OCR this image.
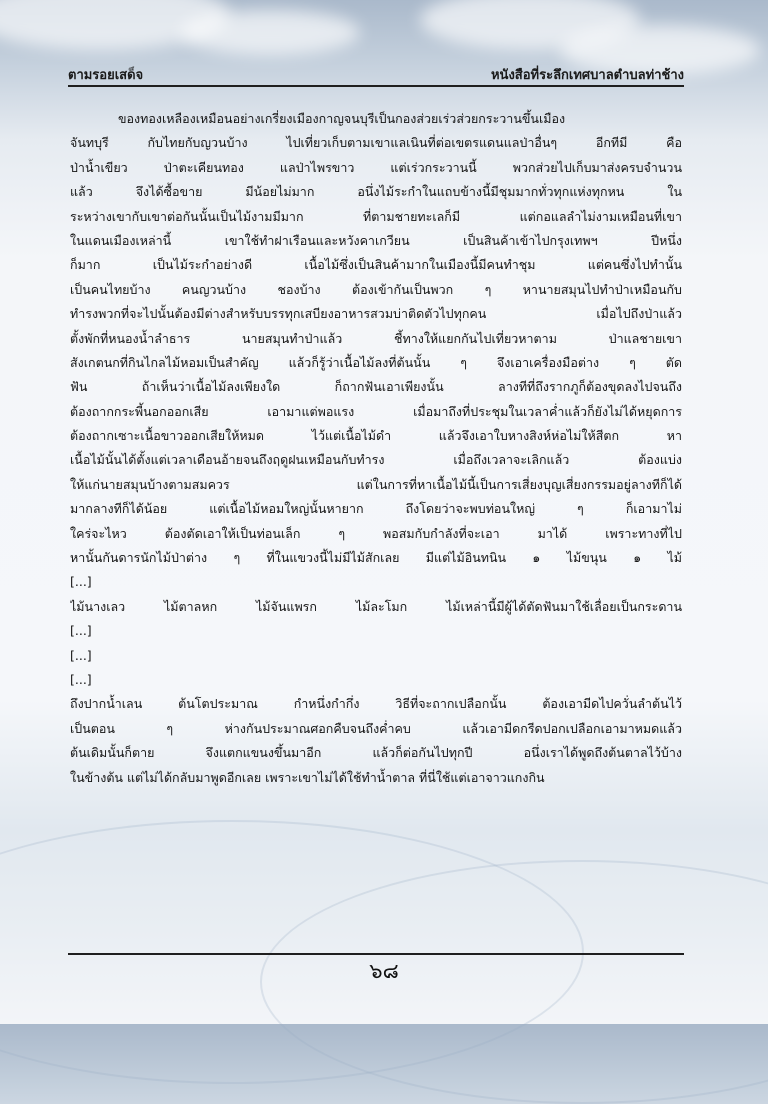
ตามรอยเสด็จ	หนังสือที่ระลึกเทศบาลตำบลท่าช้าง
ของทองเหลืองเหมือนอย่างเกรี่ยงเมืองกาญจนบุรีเป็นกองส่วยเร่วส่วยกระวานขึ้นเมือง
จันทบุรี กับไทยกับญวนบ้าง ไปเที่ยวเก็บตามเขาแลเนินที่ต่อเขตรแดนแลป่าอื่นๆ อีกทีมี คือ
ป่าน้ำเขียว ป่าตะเคียนทอง แลป่าไพรขาว แต่เร่วกระวานนี้ พวกส่วยไปเก็บมาส่งครบจำนวน
แล้ว จึงได้ซื้อขาย มีน้อยไม่มาก อนึ่งไม้ระกำในแถบข้างนี้มีชุมมากทั่วทุกแห่งทุกหน ใน
ระหว่างเขากับเขาต่อกันนั้นเป็นไม้งามมีมาก ที่ตามชายทะเลก็มี แต่กอแลลำไม่งามเหมือนที่เขา
ในแดนเมืองเหล่านี้ เขาใช้ทำฝาเรือนและหวังคาเกวียน เป็นสินค้าเข้าไปกรุงเทพฯ ปีหนึ่ง
ก็มาก เป็นไม้ระกำอย่างดี เนื้อไม้ซึ่งเป็นสินค้ามากในเมืองนี้มีคนทำชุม แต่คนซึ่งไปทำนั้น
เป็นคนไทยบ้าง คนญวนบ้าง ชองบ้าง ต้องเข้ากันเป็นพวก ๆ หานายสมุนไปทำป่าเหมือนกับ
ทำรงพวกที่จะไปนั้นต้องมีต่างสำหรับบรรทุกเสบียงอาหารสวมบ่าติดตัวไปทุกคน เมื่อไปถึงป่าแล้ว
ตั้งพักที่หนองน้ำลำธาร นายสมุนทำป่าแล้ว ชี้ทางให้แยกกันไปเที่ยวหาตาม ป่าแลชายเขา
สังเกตนกที่กินไกลไม้หอมเป็นสำคัญ แล้วก็รู้ว่าเนื้อไม้ลงที่ต้นนั้น ๆ จึงเอาเครื่องมือต่าง ๆ ตัด
ฟัน ถ้าเห็นว่าเนื้อไม้ลงเพียงใด ก็ถากฟันเอาเพียงนั้น ลางทีที่ถึงรากภูก็ต้องขุดลงไปจนถึง
ต้องถากกระพี้นอกออกเสีย เอามาแต่พอแรง เมื่อมาถึงที่ประชุมในเวลาค่ำแล้วก็ยังไม่ได้หยุดการ
ต้องถากเซาะเนื้อขาวออกเสียให้หมด ไว้แต่เนื้อไม้ดำ แล้วจึงเอาใบหางสิงห์ห่อไม่ให้สีตก หา
เนื้อไม้นั้นได้ตั้งแต่เวลาเดือนอ้ายจนถึงฤดูฝนเหมือนกับทำรง เมื่อถึงเวลาจะเลิกแล้ว ต้องแบ่ง
ให้แก่นายสมุนบ้างตามสมควร แต่ในการที่หาเนื้อไม้นี้เป็นการเสี่ยงบุญเสี่ยงกรรมอยู่ลางทีก็ได้
มากลางทีก็ได้น้อย แต่เนื้อไม้หอมใหญ่นั้นหายาก ถึงโดยว่าจะพบท่อนใหญ่ ๆ ก็เอามาไม่
ใคร่จะไหว ต้องตัดเอาให้เป็นท่อนเล็ก ๆ พอสมกับกำลังที่จะเอา มาได้ เพราะทางที่ไป
หานั้นกันดารนักไม้ป่าต่าง ๆ ที่ในแขวงนี้ไม่มีไม้สักเลย มีแต่ไม้อินทนิน ๑ ไม้ขนุน ๑ ไม้
[...]
ไม้นางเลว ไม้ตาลหก ไม้จันแพรก ไม้ละโมก ไม้เหล่านี้มีผู้ได้ตัดฟันมาใช้เลื่อยเป็นกระดาน
[...]
[...]
[...]
ถึงปากน้ำเลน ต้นโตประมาณ กำหนึ่งกำกึ่ง วิธีที่จะถากเปลือกนั้น ต้องเอามีดไปควั่นลำต้นไว้
เป็นตอน ๆ ห่างกันประมาณศอกคืบจนถึงค่ำคบ แล้วเอามีดกรีดปอกเปลือกเอามาหมดแล้ว
ต้นเดิมนั้นก็ตาย จึงแตกแขนงขึ้นมาอีก แล้วก็ต่อกันไปทุกปี อนึ่งเราได้พูดถึงต้นตาลไว้บ้าง
ในข้างต้น แต่ไม่ได้กลับมาพูดอีกเลย เพราะเขาไม่ได้ใช้ทำน้ำตาล ที่นี่ใช้แต่เอาจาวแกงกิน
๖๘
